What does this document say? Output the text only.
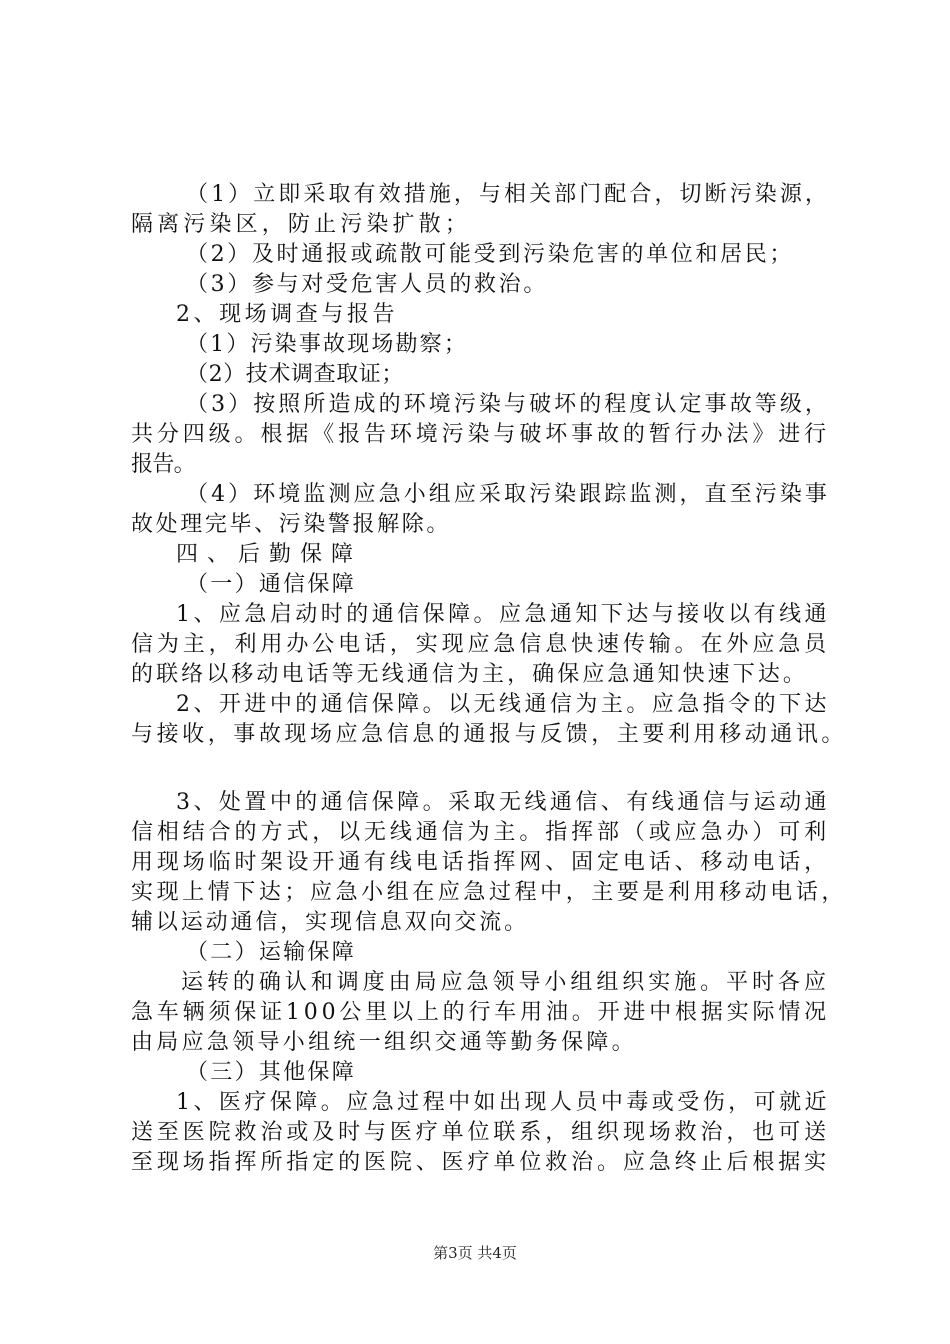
（1）立即采取有效措施，与相关部门配合，切断污染源，
隔离污染区，防止污染扩散；
（2）及时通报或疏散可能受到污染危害的单位和居民；
（3）参与对受危害人员的救治。
2、现场调查与报告
（1）污染事故现场勘察；
（2）技术调查取证；
（3）按照所造成的环境污染与破坏的程度认定事故等级，
共分四级。根据《报告环境污染与破坏事故的暂行办法》进行
报告。
（4）环境监测应急小组应采取污染跟踪监测，直至污染事
故处理完毕、污染警报解除。
四、后勤保障
（一）通信保障
1、应急启动时的通信保障。应急通知下达与接收以有线通
信为主，利用办公电话，实现应急信息快速传输。在外应急员
的联络以移动电话等无线通信为主，确保应急通知快速下达。
2、开进中的通信保障。以无线通信为主。应急指令的下达
与接收，事故现场应急信息的通报与反馈，主要利用移动通讯。
3、处置中的通信保障。采取无线通信、有线通信与运动通
信相结合的方式，以无线通信为主。指挥部（或应急办）可利
用现场临时架设开通有线电话指挥网、固定电话、移动电话，
实现上情下达；应急小组在应急过程中，主要是利用移动电话，
辅以运动通信，实现信息双向交流。
（二）运输保障
运转的确认和调度由局应急领导小组组织实施。平时各应
急车辆须保证100公里以上的行车用油。开进中根据实际情况
由局应急领导小组统一组织交通等勤务保障。
（三）其他保障
1、医疗保障。应急过程中如出现人员中毒或受伤，可就近
送至医院救治或及时与医疗单位联系，组织现场救治，也可送
至现场指挥所指定的医院、医疗单位救治。应急终止后根据实
第3页 共4页
